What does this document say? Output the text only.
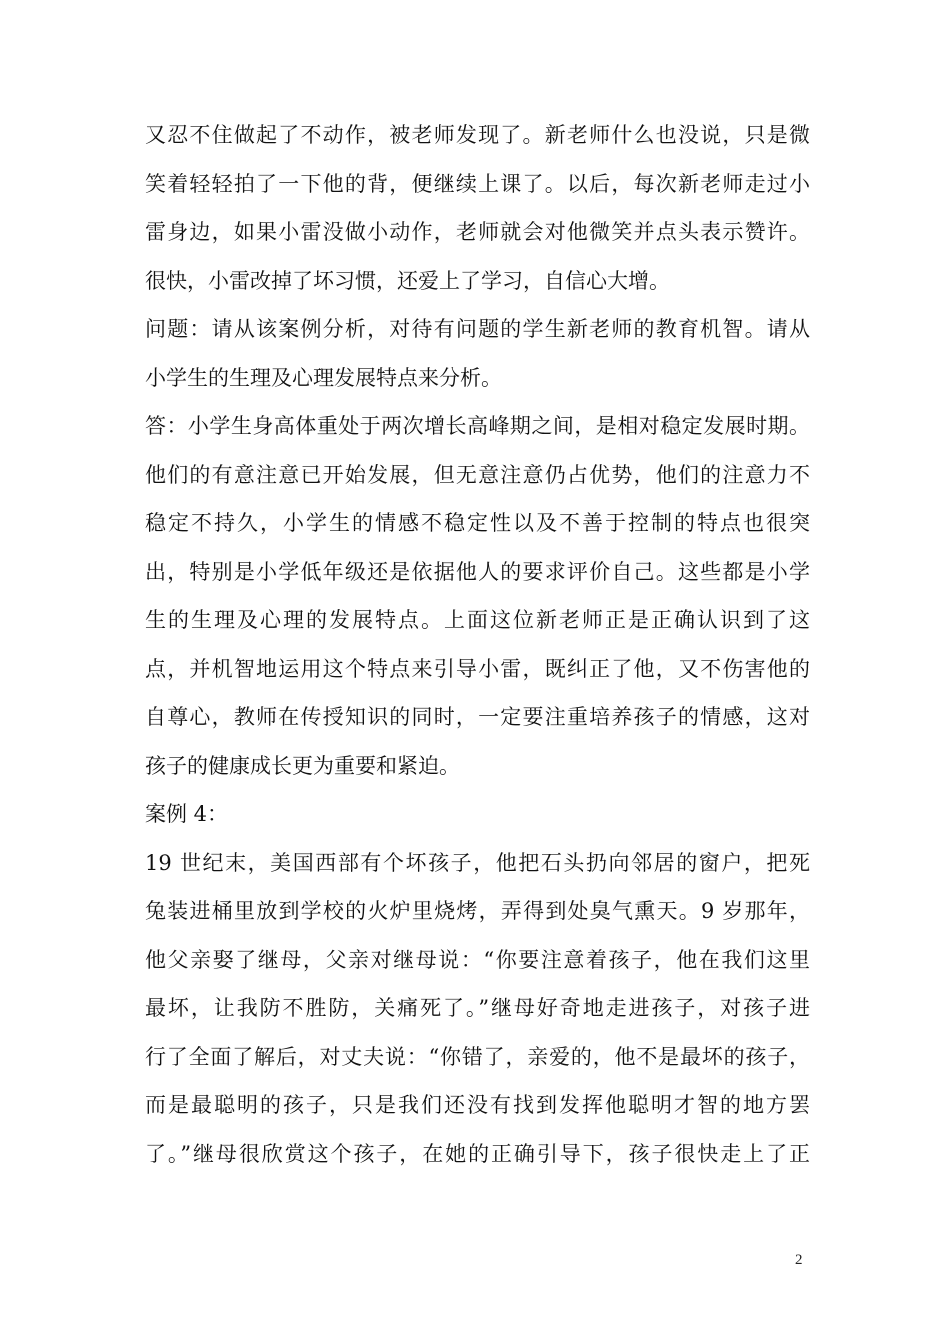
又忍不住做起了不动作，被老师发现了。新老师什么也没说，只是微
笑着轻轻拍了一下他的背，便继续上课了。以后，每次新老师走过小
雷身边，如果小雷没做小动作，老师就会对他微笑并点头表示赞许。
很快，小雷改掉了坏习惯，还爱上了学习，自信心大增。
问题：请从该案例分析，对待有问题的学生新老师的教育机智。请从
小学生的生理及心理发展特点来分析。
答：小学生身高体重处于两次增长高峰期之间，是相对稳定发展时期。
他们的有意注意已开始发展，但无意注意仍占优势，他们的注意力不
稳定不持久，小学生的情感不稳定性以及不善于控制的特点也很突
出，特别是小学低年级还是依据他人的要求评价自己。这些都是小学
生的生理及心理的发展特点。上面这位新老师正是正确认识到了这
点，并机智地运用这个特点来引导小雷，既纠正了他，又不伤害他的
自尊心，教师在传授知识的同时，一定要注重培养孩子的情感，这对
孩子的健康成长更为重要和紧迫。
案例 4：
19 世纪末，美国西部有个坏孩子，他把石头扔向邻居的窗户，把死
兔装进桶里放到学校的火炉里烧烤，弄得到处臭气熏天。9 岁那年，
他父亲娶了继母，父亲对继母说：“你要注意着孩子，他在我们这里
最坏，让我防不胜防，关痛死了。”继母好奇地走进孩子，对孩子进
行了全面了解后，对丈夫说：“你错了，亲爱的，他不是最坏的孩子，
而是最聪明的孩子，只是我们还没有找到发挥他聪明才智的地方罢
了。”继母很欣赏这个孩子，在她的正确引导下，孩子很快走上了正
2
